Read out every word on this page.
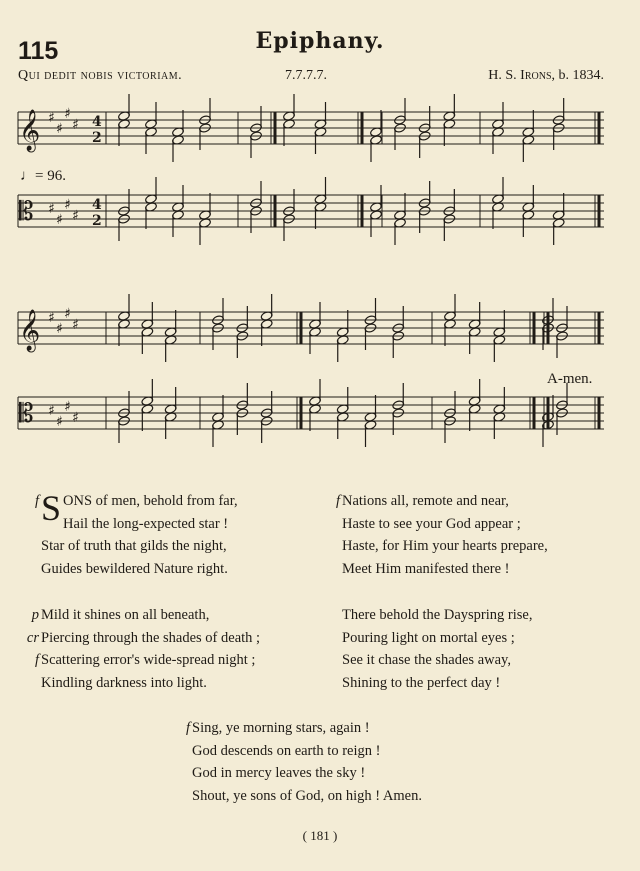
115	Epiphany.
Qui dedit nobis victoriam.	7.7.7.7.	H. S. Irons, b. 1834.
𝄞 ♯
♯
♯
♯ 4
2
𝄡 ♯
♯
♯
♯
4
2
𝄞 ♯
♯
♯
♯
𝄡 ♯
♯
♯
♯
♩= 96.
A-men.
f S ONS of men, behold from far,
Hail the long-expected star !
Star of truth that gilds the night,
Guides bewildered Nature right.
f Nations all, remote and near,
Haste to see your God appear ;
Haste, for Him your hearts prepare,
Meet Him manifested there !
p Mild it shines on all beneath,
cr Piercing through the shades of death ;
f Scattering error's wide-spread night ;
Kindling darkness into light.
There behold the Dayspring rise,
Pouring light on mortal eyes ;
See it chase the shades away,
Shining to the perfect day !
f Sing, ye morning stars, again !
God descends on earth to reign !
God in mercy leaves the sky !
Shout, ye sons of God, on high ! Amen.
( 181 )
